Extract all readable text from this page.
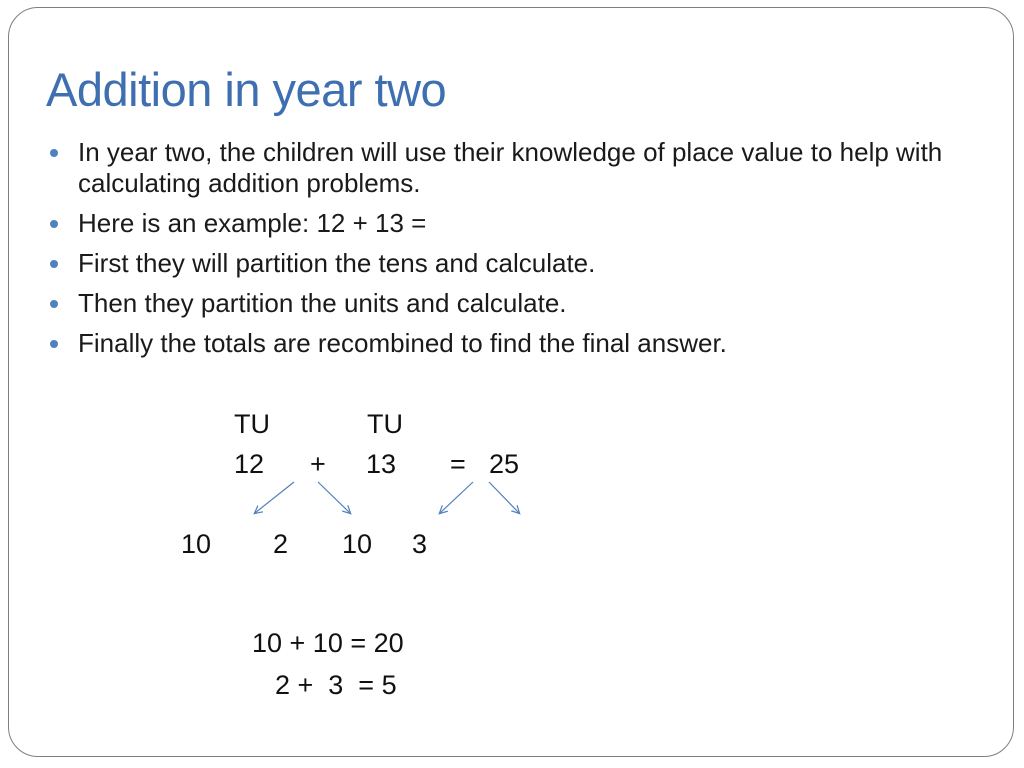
Addition in year two
In year two, the children will use their knowledge of place value to help with calculating addition problems.
Here is an example: 12 + 13 =
First they will partition the tens and calculate.
Then they partition the units and calculate.
Finally the totals are recombined to find the final answer.
TU	TU
12 + 13 = 25
10 2 10 3
10 + 10 = 20
2 +  3  = 5
